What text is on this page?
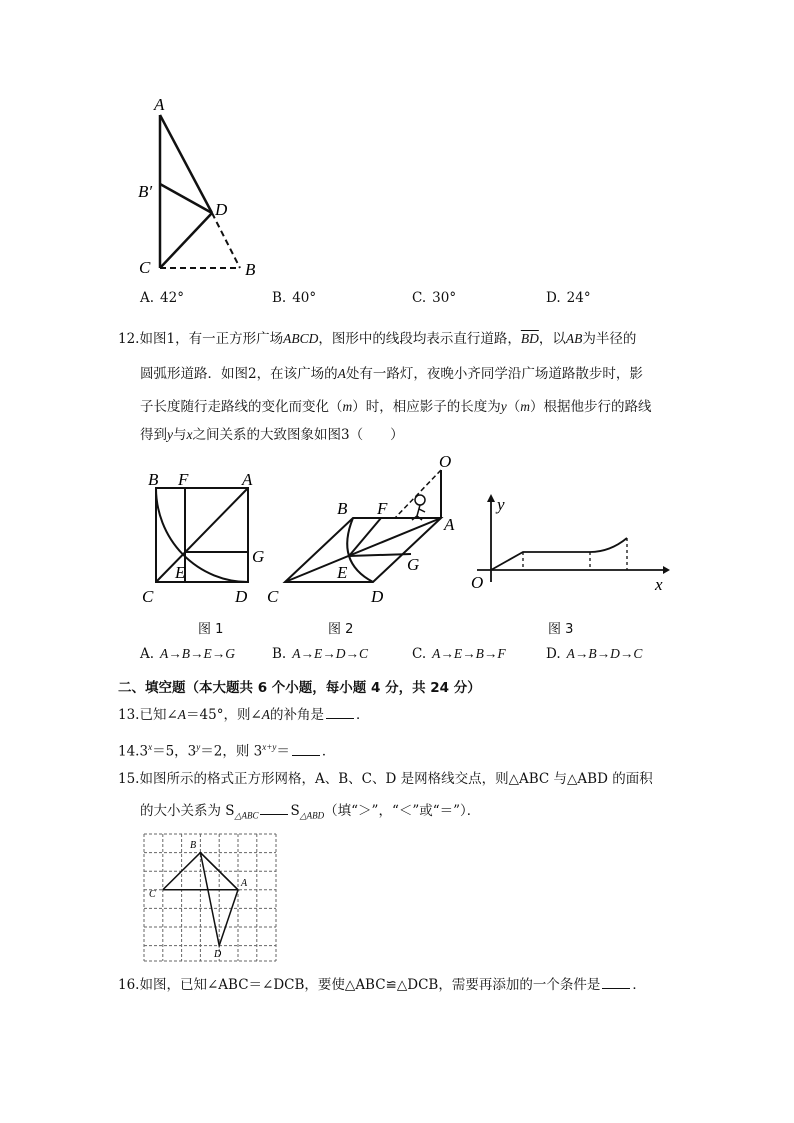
A
B′
D
C	B
A. 42°	B. 40°	C. 30°	D. 24°
12.如图1，有一正方形广场ABCD，图形中的线段均表示直行道路，$\overline{BD}$，以AB为半径的
圆弧形道路．如图2，在该广场的A处有一路灯，夜晚小齐同学沿广场道路散步时，影
子长度随行走路线的变化而变化（m）时，相应影子的长度为y（m）根据他步行的路线
得到y与x之间关系的大致图象如图3（　　）
B F	A
G
E
C	D
O
B F
A
G
E
C	D
y
O	x
图 1	图 2	图 3
A. A→B→E→G	B. A→E→D→C	C. A→E→B→F	D. A→B→D→C
二、填空题（本大题共 6 个小题，每小题 4 分，共 24 分）
13.已知∠A＝45°，则∠A的补角是 ．
$14.3^x=5$，$3^y=2$，则 $3^{x+y}=$ ．
15.如图所示的格式正方形网格，A、B、C、D 是网格线交点，则△ABC 与△ABD 的面积
的大小关系为 $S_{\triangle ABC}$ $S_{\triangle ABD}$（填“＞”，“＜”或“＝”）．
B
A
C
D
16.如图，已知∠ABC＝∠DCB，要使△ABC≌△DCB，需要再添加的一个条件是 ．
